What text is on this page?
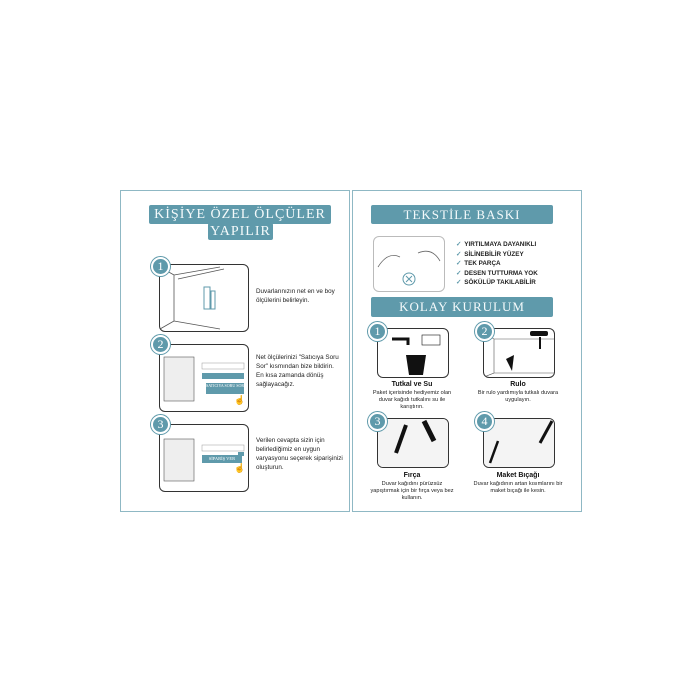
KİŞİYE ÖZEL ÖLÇÜLER
YAPILIR
1
Duvarlarınızın net en ve boy ölçülerini belirleyin.
SATICIYA SORU SOR
☝
2
Net ölçülerinizi "Satıcıya Soru Sor" kısmından bize bildirin. En kısa zamanda dönüş sağlayacağız.
SİPARİŞ VER
☝
3
Verilen cevapta sizin için belirlediğimiz en uygun varyasyonu seçerek siparişinizi oluşturun.
TEKSTİLE BASKI
✓ YIRTILMAYA DAYANIKLI
✓ SİLİNEBİLİR YÜZEY
✓ TEK PARÇA
✓ DESEN TUTTURMA YOK
✓ SÖKÜLÜP TAKILABİLİR
KOLAY KURULUM
1
Tutkal ve Su
Paket içerisinde hediyemiz olan duvar kağıdı tutkalını su ile karıştırın.
2
Rulo
Bir rulo yardımıyla tutkalı duvara uygulayın.
3
Fırça
Duvar kağıdını pürüzsüz yapıştırmak için bir fırça veya bez kullanın.
4
Maket Bıçağı
Duvar kağıdının artan kısımlarını bir maket bıçağı ile kesin.
